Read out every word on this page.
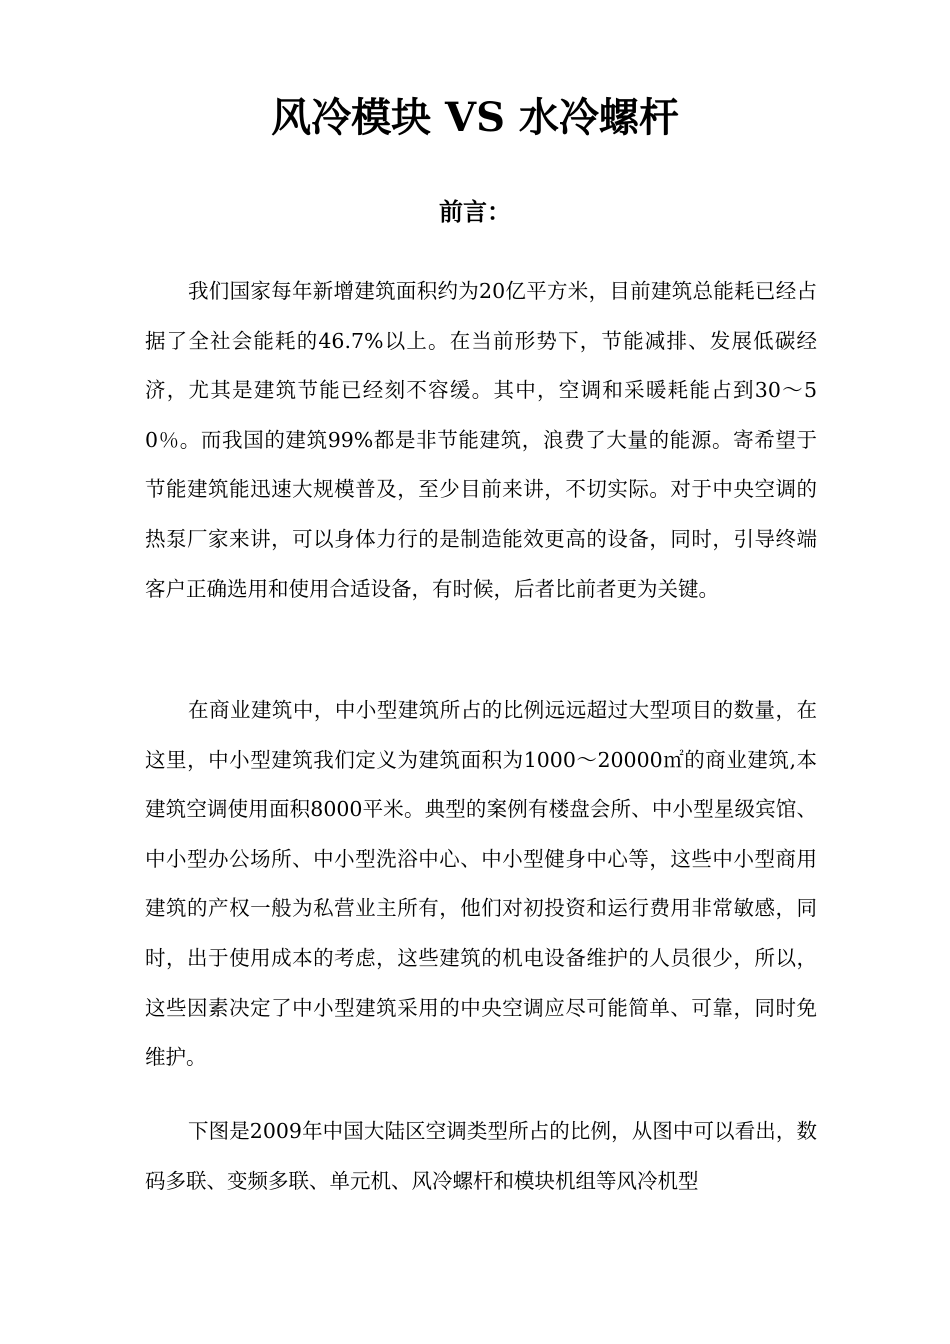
风冷模块 VS 水冷螺杆
前言：

我们国家每年新增建筑面积约为20亿平方米，目前建筑总能耗已经占据了全社会能耗的46.7%以上。在当前形势下，节能减排、发展低碳经济，尤其是建筑节能已经刻不容缓。其中，空调和采暖耗能占到30～50％。而我国的建筑99%都是非节能建筑，浪费了大量的能源。寄希望于节能建筑能迅速大规模普及，至少目前来讲，不切实际。对于中央空调的热泵厂家来讲，可以身体力行的是制造能效更高的设备，同时，引导终端客户正确选用和使用合适设备，有时候，后者比前者更为关键。

在商业建筑中，中小型建筑所占的比例远远超过大型项目的数量，在这里，中小型建筑我们定义为建筑面积为1000～20000㎡的商业建筑,本建筑空调使用面积8000平米。典型的案例有楼盘会所、中小型星级宾馆、中小型办公场所、中小型洗浴中心、中小型健身中心等，这些中小型商用建筑的产权一般为私营业主所有，他们对初投资和运行费用非常敏感，同时，出于使用成本的考虑，这些建筑的机电设备维护的人员很少，所以，这些因素决定了中小型建筑采用的中央空调应尽可能简单、可靠，同时免维护。

下图是2009年中国大陆区空调类型所占的比例，从图中可以看出，数码多联、变频多联、单元机、风冷螺杆和模块机组等风冷机型
